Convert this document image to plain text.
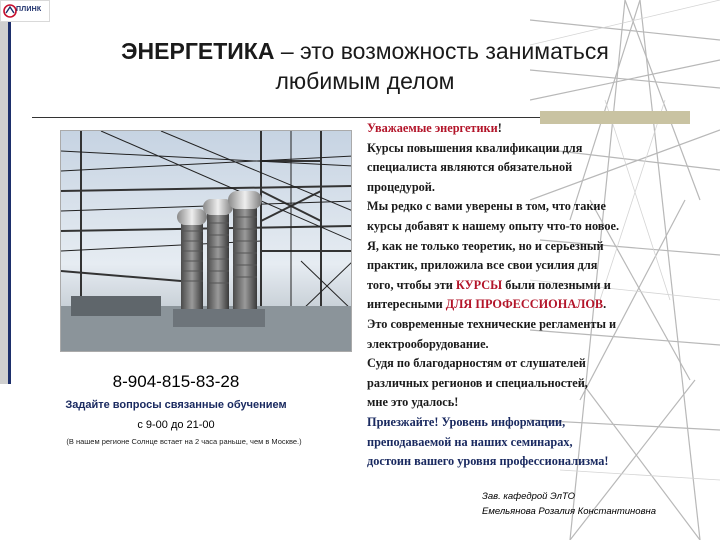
ПЛИНК
ЭНЕРГЕТИКА – это возможность заниматься
любимым делом
8-904-815-83-28
Задайте вопросы связанные обучением
с 9-00 до 21-00
(В нашем регионе Солнце встает на 2 часа раньше, чем в Москве.)
Уважаемые энергетики!
Курсы повышения квалификации для
специалиста являются обязательной
процедурой.
Мы редко с вами уверены в том, что такие
курсы добавят к нашему опыту что-то новое.
Я, как не только теоретик, но и серьезный
практик, приложила все свои усилия для
того, чтобы эти КУРСЫ были полезными и
интересными ДЛЯ ПРОФЕССИОНАЛОВ.
Это современные технические регламенты и
электрооборудование.
Судя по благодарностям от слушателей
различных регионов и специальностей,
мне это удалось!
Приезжайте! Уровень информации,
преподаваемой на наших семинарах,
достоин вашего уровня профессионализма!
Зав. кафедрой ЭлТО
Емельянова Розалия Константиновна
